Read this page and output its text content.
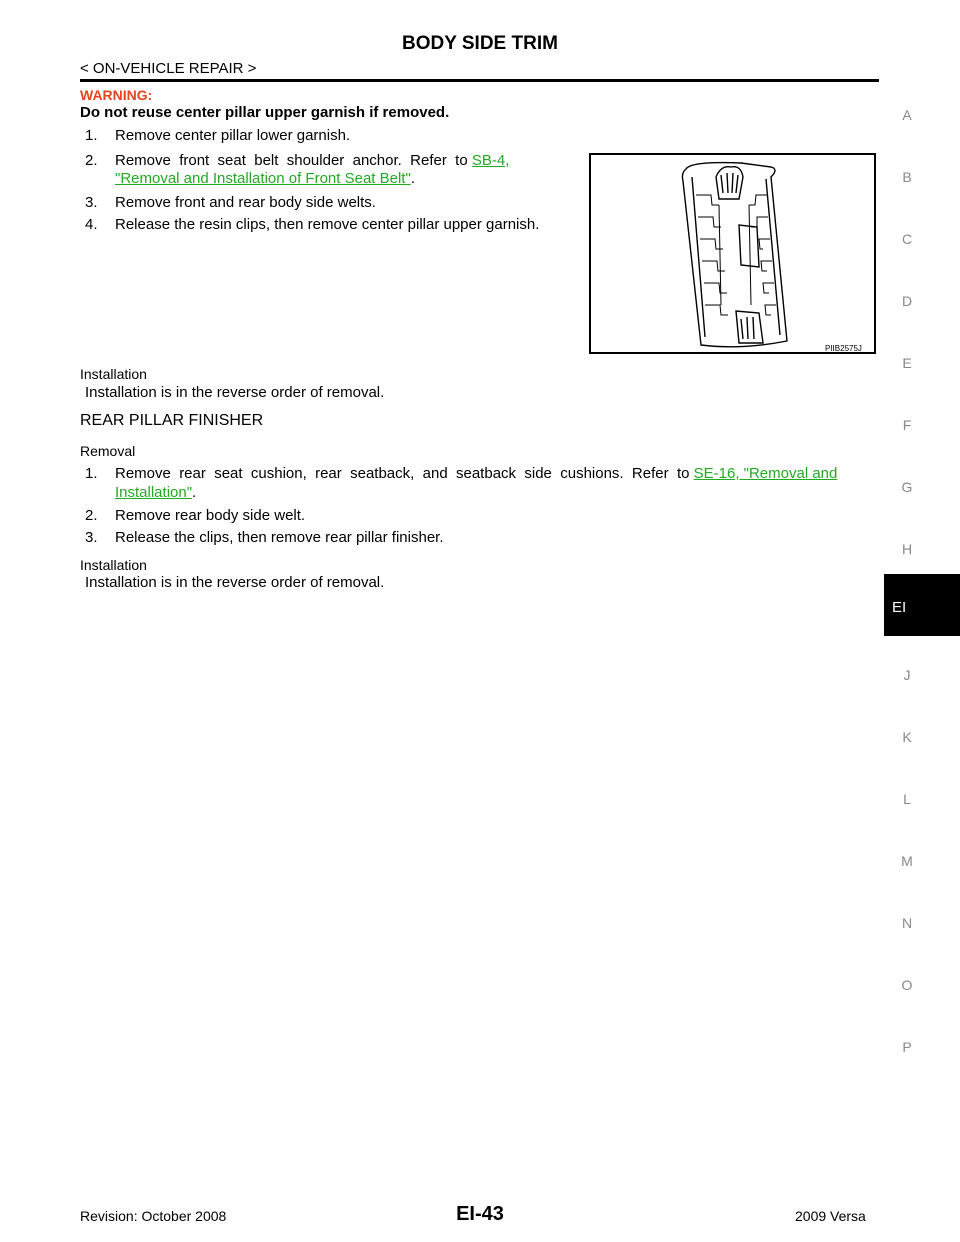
BODY SIDE TRIM
< ON-VEHICLE REPAIR >
WARNING:
Do not reuse center pillar upper garnish if removed.
1. Remove center pillar lower garnish.
2. Remove  front  seat  belt  shoulder  anchor.  Refer  to SB-4,
"Removal and Installation of Front Seat Belt".
3. Remove front and rear body side welts.
4. Release the resin clips, then remove center pillar upper garnish.
PIIB2575J
Installation
Installation is in the reverse order of removal.
REAR PILLAR FINISHER
Removal
1. Remove  rear  seat  cushion,  rear  seatback,  and  seatback  side  cushions.  Refer  to SE-16, "Removal and
Installation".
2. Remove rear body side welt.
3. Release the clips, then remove rear pillar finisher.
Installation
Installation is in the reverse order of removal.
A
B
C
D
E
F
G
H
EI
J
K
L
M
N
O
P
Revision: October 2008	EI-43	2009 Versa
